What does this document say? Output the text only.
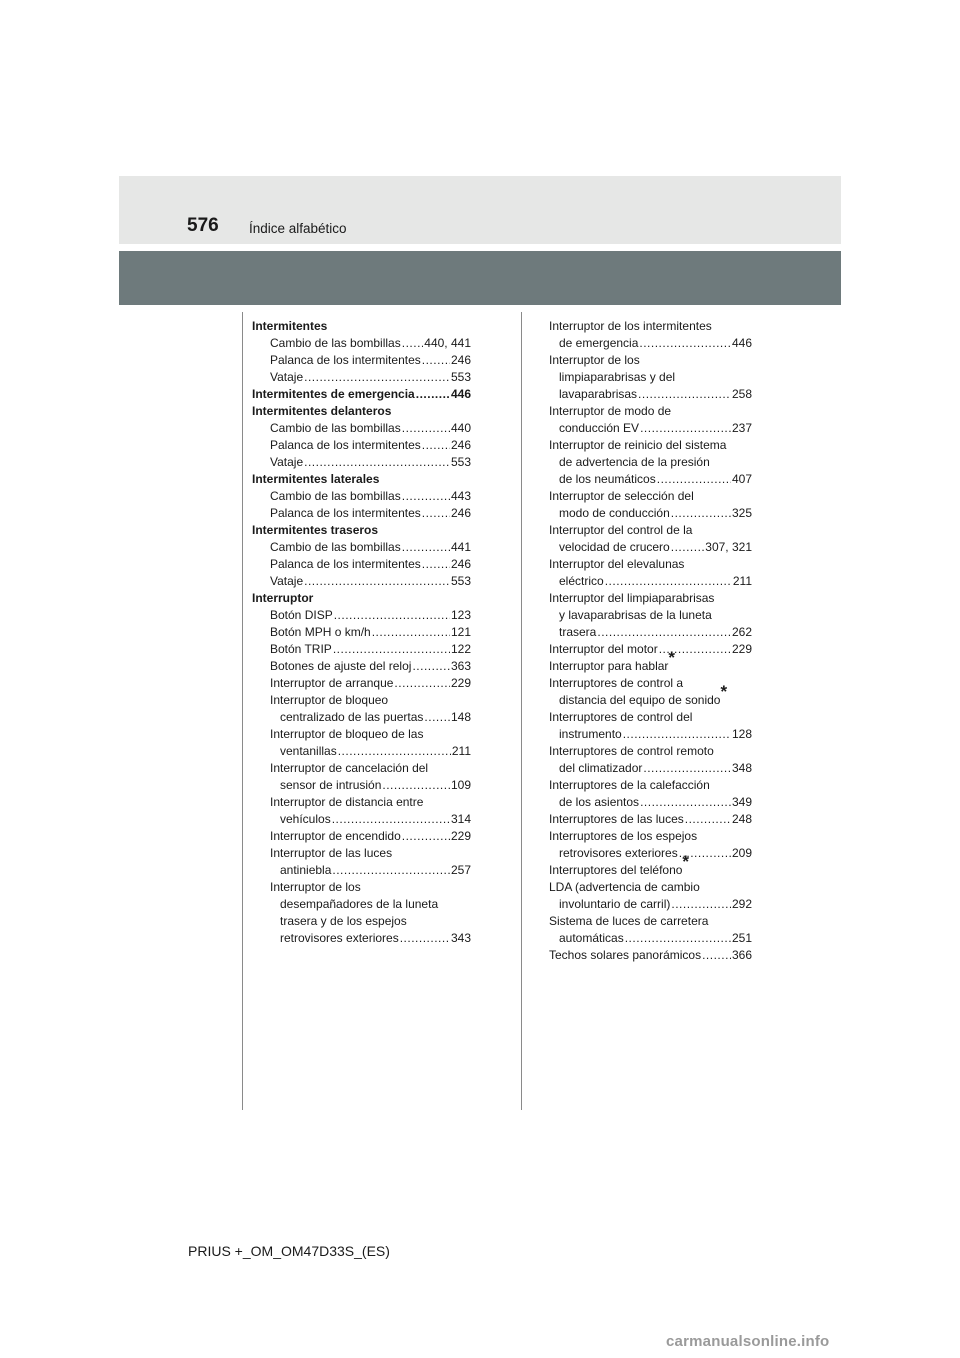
576 Índice alfabético
Intermitentes
Cambio de las bombillas ..... 440, 441
Palanca de los intermitentes .....	246
Vataje .....	553
Intermitentes de emergencia .....	446
Intermitentes delanteros
Cambio de las bombillas .....	440
Palanca de los intermitentes .....	246
Vataje .....	553
Intermitentes laterales
Cambio de las bombillas .....	443
Palanca de los intermitentes .....	246
Intermitentes traseros
Cambio de las bombillas .....	441
Palanca de los intermitentes .....	246
Vataje .....	553
Interruptor
Botón DISP .....	123
Botón MPH o km/h .....	121
Botón TRIP .....	122
Botones de ajuste del reloj .....	363
Interruptor de arranque .....	229
Interruptor de bloqueo
centralizado de las puertas ..... 148
Interruptor de bloqueo de las
ventanillas .....	211
Interruptor de cancelación del
sensor de intrusión .....	109
Interruptor de distancia entre
vehículos .....	314
Interruptor de encendido .....	229
Interruptor de las luces
antiniebla .....	257
Interruptor de los
desempañadores de la luneta
trasera y de los espejos
retrovisores exteriores .....	343
Interruptor de los intermitentes
de emergencia .....	446
Interruptor de los
limpiaparabrisas y del
lavaparabrisas .....	258
Interruptor de modo de
conducción EV .....	237
Interruptor de reinicio del sistema
de advertencia de la presión
de los neumáticos .....	407
Interruptor de selección del
modo de conducción .....	325
Interruptor del control de la
velocidad de crucero .....	307, 321
Interruptor del elevalunas
eléctrico .....	211
Interruptor del limpiaparabrisas
y lavaparabrisas de la luneta
trasera .....	262
Interruptor del motor .....	229
Interruptor para hablar *
Interruptores de control a
distancia del equipo de sonido *
Interruptores de control del
instrumento .....	128
Interruptores de control remoto
del climatizador .....	348
Interruptores de la calefacción
de los asientos .....	349
Interruptores de las luces .....	248
Interruptores de los espejos
retrovisores exteriores .....	209
Interruptores del teléfono *
LDA (advertencia de cambio
involuntario de carril) .....	292
Sistema de luces de carretera
automáticas .....	251
Techos solares panorámicos .....	366
PRIUS +_OM_OM47D33S_(ES)
carmanualsonline.info
